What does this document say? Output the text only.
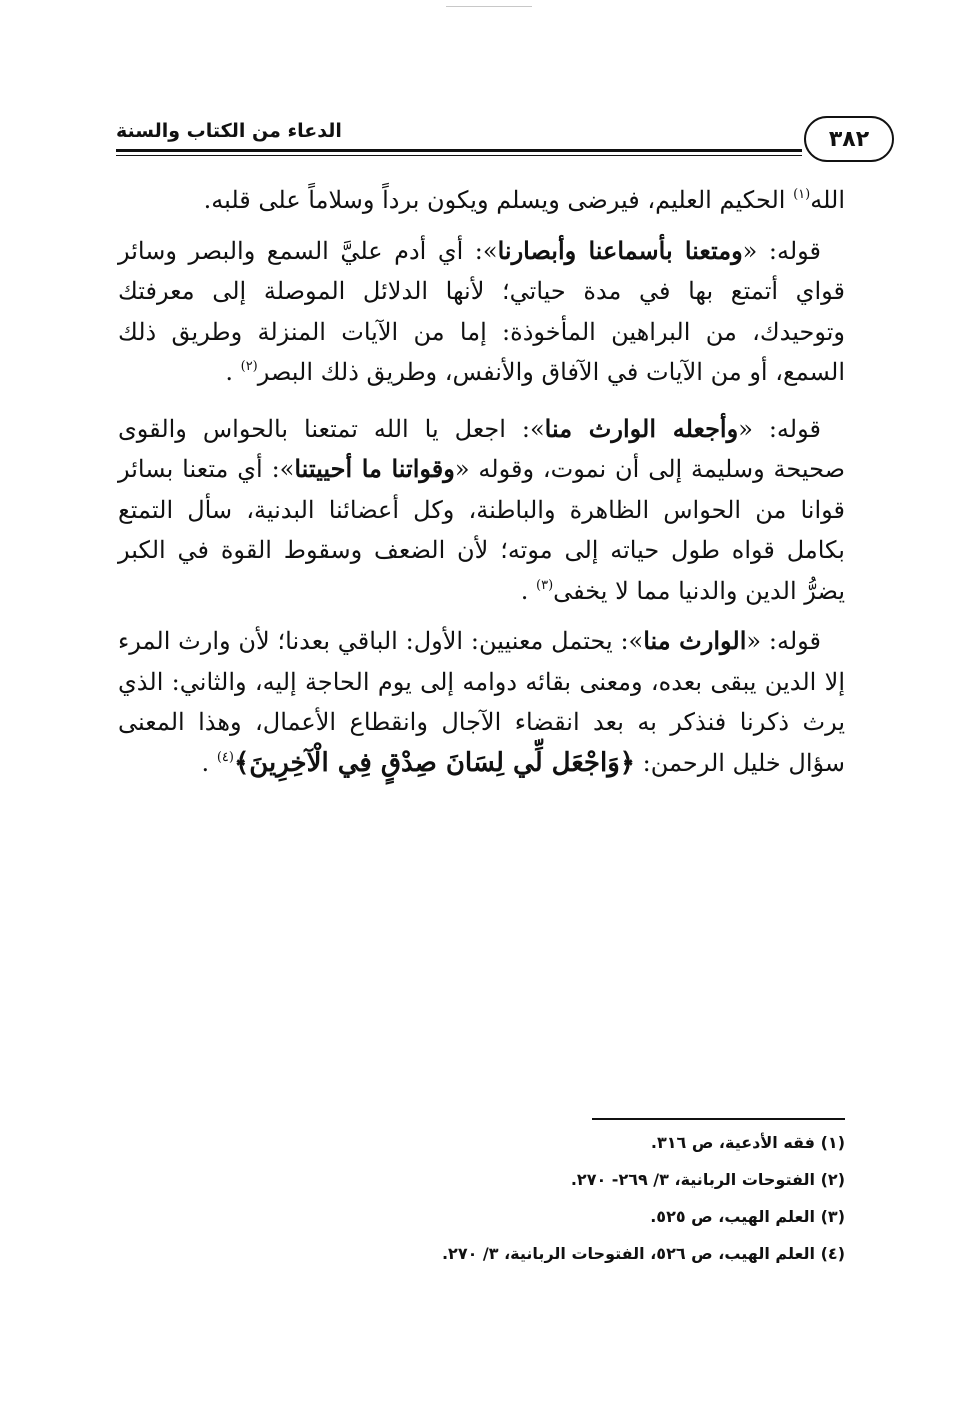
الدعاء من الكتاب والسنة	٣٨٢

الله$^{(١)}$ الحكيم العليم، فيرضى ويسلم ويكون برداً وسلاماً على قلبه.

قوله: «ومتعنا بأسماعنا وأبصارنا»: أي أدم عليَّ السمع والبصر وسائر قواي أتمتع بها في مدة حياتي؛ لأنها الدلائل الموصلة إلى معرفتك وتوحيدك، من البراهين المأخوذة: إما من الآيات المنزلة وطريق ذلك السمع، أو من الآيات في الآفاق والأنفس، وطريق ذلك البصر$^{(٢)}$ .

قوله: «وأجعله الوارث منا»: اجعل يا الله تمتعنا بالحواس والقوى صحيحة وسليمة إلى أن نموت، وقوله «وقواتنا ما أحييتنا»: أي متعنا بسائر قوانا من الحواس الظاهرة والباطنة، وكل أعضائنا البدنية، سأل التمتع بكامل قواه طول حياته إلى موته؛ لأن الضعف وسقوط القوة في الكبر يضرُّ الدين والدنيا مما لا يخفى$^{(٣)}$ .

قوله: «الوارث منا»: يحتمل معنيين: الأول: الباقي بعدنا؛ لأن وارث المرء إلا الدين يبقى بعده، ومعنى بقائه دوامه إلى يوم الحاجة إليه، والثاني: الذي يرث ذكرنا فنذكر به بعد انقضاء الآجال وانقطاع الأعمال، وهذا المعنى سؤال خليل الرحمن: ﴿وَاجْعَل لِّي لِسَانَ صِدْقٍ فِي الْآخِرِينَ﴾$^{(٤)}$ .

(١) فقه الأدعية، ص ٣١٦.
(٢) الفتوحات الربانية، ٣/ ٢٦٩- ٢٧٠.
(٣) العلم الهيب، ص ٥٢٥.
(٤) العلم الهيب، ص ٥٢٦، الفتوحات الربانية، ٣/ ٢٧٠.
